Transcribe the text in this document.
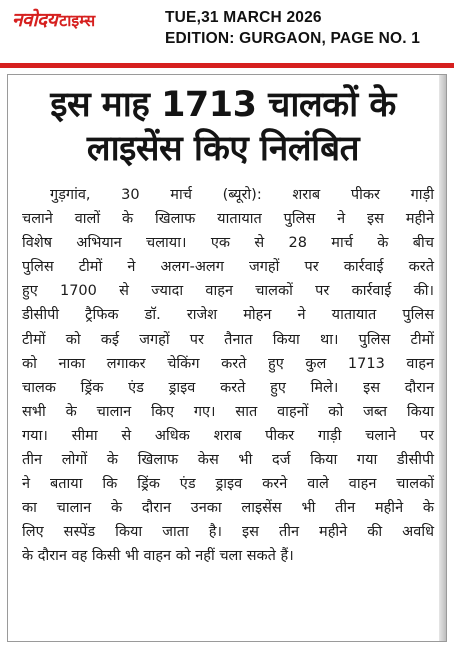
नवोदय टाइम्स	TUE,31 MARCH 2026
EDITION: GURGAON, PAGE NO. 1
इस माह 1713 चालकों के
लाइसेंस किए निलंबित
गुड़गांव, 30 मार्च (ब्यूरो): शराब पीकर गाड़ी
चलाने वालों के खिलाफ यातायात पुलिस ने इस महीने
विशेष अभियान चलाया। एक से 28 मार्च के बीच
पुलिस टीमों ने अलग-अलग जगहों पर कार्रवाई करते
हुए 1700 से ज्यादा वाहन चालकों पर कार्रवाई की।
डीसीपी ट्रैफिक डॉ. राजेश मोहन ने यातायात पुलिस
टीमों को कई जगहों पर तैनात किया था। पुलिस टीमों
को नाका लगाकर चेकिंग करते हुए कुल 1713 वाहन
चालक ड्रिंक एंड ड्राइव करते हुए मिले। इस दौरान
सभी के चालान किए गए। सात वाहनों को जब्त किया
गया। सीमा से अधिक शराब पीकर गाड़ी चलाने पर
तीन लोगों के खिलाफ केस भी दर्ज किया गया डीसीपी
ने बताया कि ड्रिंक एंड ड्राइव करने वाले वाहन चालकों
का चालान के दौरान उनका लाइसेंस भी तीन महीने के
लिए सस्पेंड किया जाता है। इस तीन महीने की अवधि
के दौरान वह किसी भी वाहन को नहीं चला सकते हैं।
